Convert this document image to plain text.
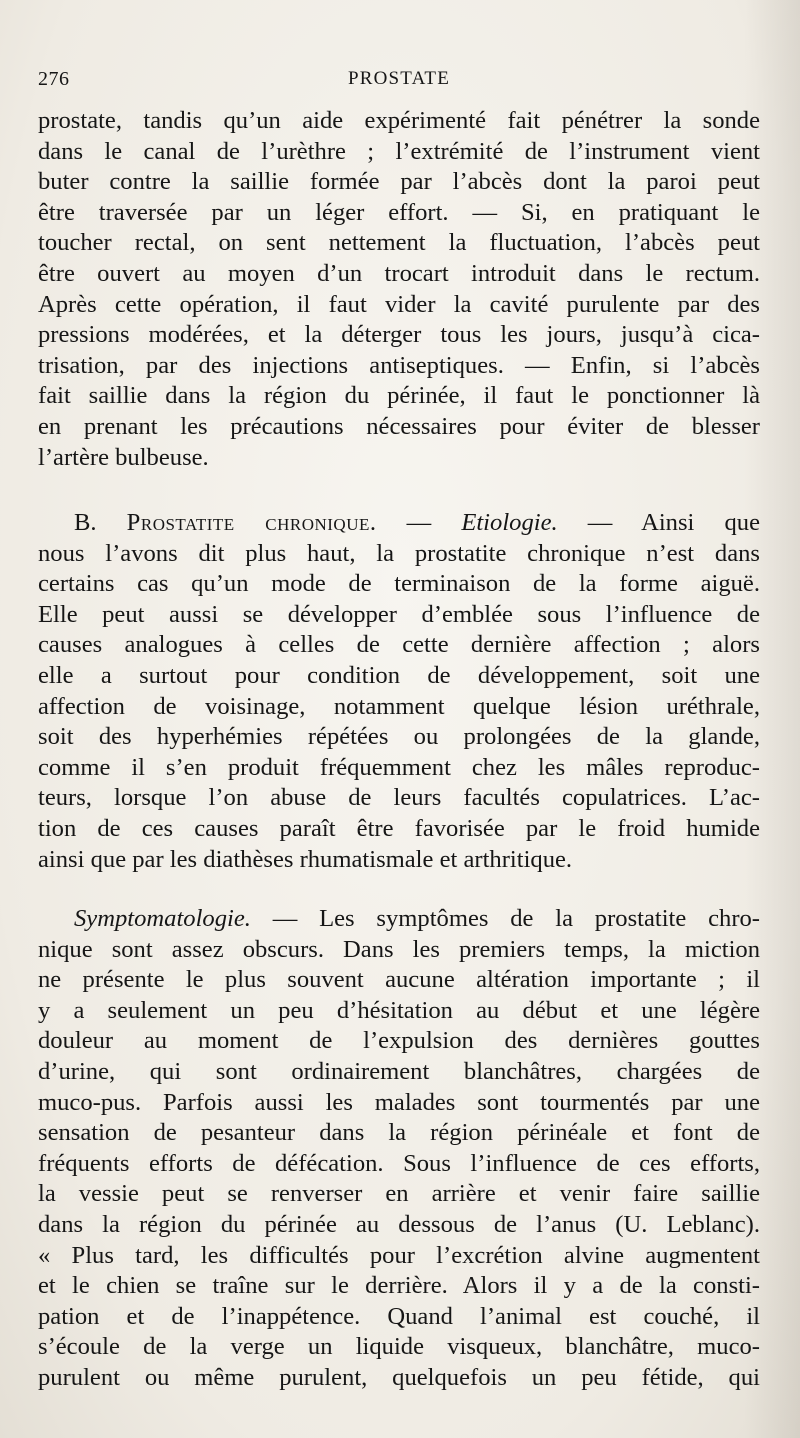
276	PROSTATE
prostate, tandis qu’un aide expérimenté fait pénétrer la sonde
dans le canal de l’urèthre ; l’extrémité de l’instrument vient
buter contre la saillie formée par l’abcès dont la paroi peut
être traversée par un léger effort. — Si, en pratiquant le
toucher rectal, on sent nettement la fluctuation, l’abcès peut
être ouvert au moyen d’un trocart introduit dans le rectum.
Après cette opération, il faut vider la cavité purulente par des
pressions modérées, et la déterger tous les jours, jusqu’à cica-
trisation, par des injections antiseptiques. — Enfin, si l’abcès
fait saillie dans la région du périnée, il faut le ponctionner là
en prenant les précautions nécessaires pour éviter de blesser
l’artère bulbeuse.
B. Prostatite chronique. — Etiologie. — Ainsi que
nous l’avons dit plus haut, la prostatite chronique n’est dans
certains cas qu’un mode de terminaison de la forme aiguë.
Elle peut aussi se développer d’emblée sous l’influence de
causes analogues à celles de cette dernière affection ; alors
elle a surtout pour condition de développement, soit une
affection de voisinage, notamment quelque lésion uréthrale,
soit des hyperhémies répétées ou prolongées de la glande,
comme il s’en produit fréquemment chez les mâles reproduc-
teurs, lorsque l’on abuse de leurs facultés copulatrices. L’ac-
tion de ces causes paraît être favorisée par le froid humide
ainsi que par les diathèses rhumatismale et arthritique.
Symptomatologie. — Les symptômes de la prostatite chro-
nique sont assez obscurs. Dans les premiers temps, la miction
ne présente le plus souvent aucune altération importante ; il
y a seulement un peu d’hésitation au début et une légère
douleur au moment de l’expulsion des dernières gouttes
d’urine, qui sont ordinairement blanchâtres, chargées de
muco-pus. Parfois aussi les malades sont tourmentés par une
sensation de pesanteur dans la région périnéale et font de
fréquents efforts de défécation. Sous l’influence de ces efforts,
la vessie peut se renverser en arrière et venir faire saillie
dans la région du périnée au dessous de l’anus (U. Leblanc).
« Plus tard, les difficultés pour l’excrétion alvine augmentent
et le chien se traîne sur le derrière. Alors il y a de la consti-
pation et de l’inappétence. Quand l’animal est couché, il
s’écoule de la verge un liquide visqueux, blanchâtre, muco-
purulent ou même purulent, quelquefois un peu fétide, qui
